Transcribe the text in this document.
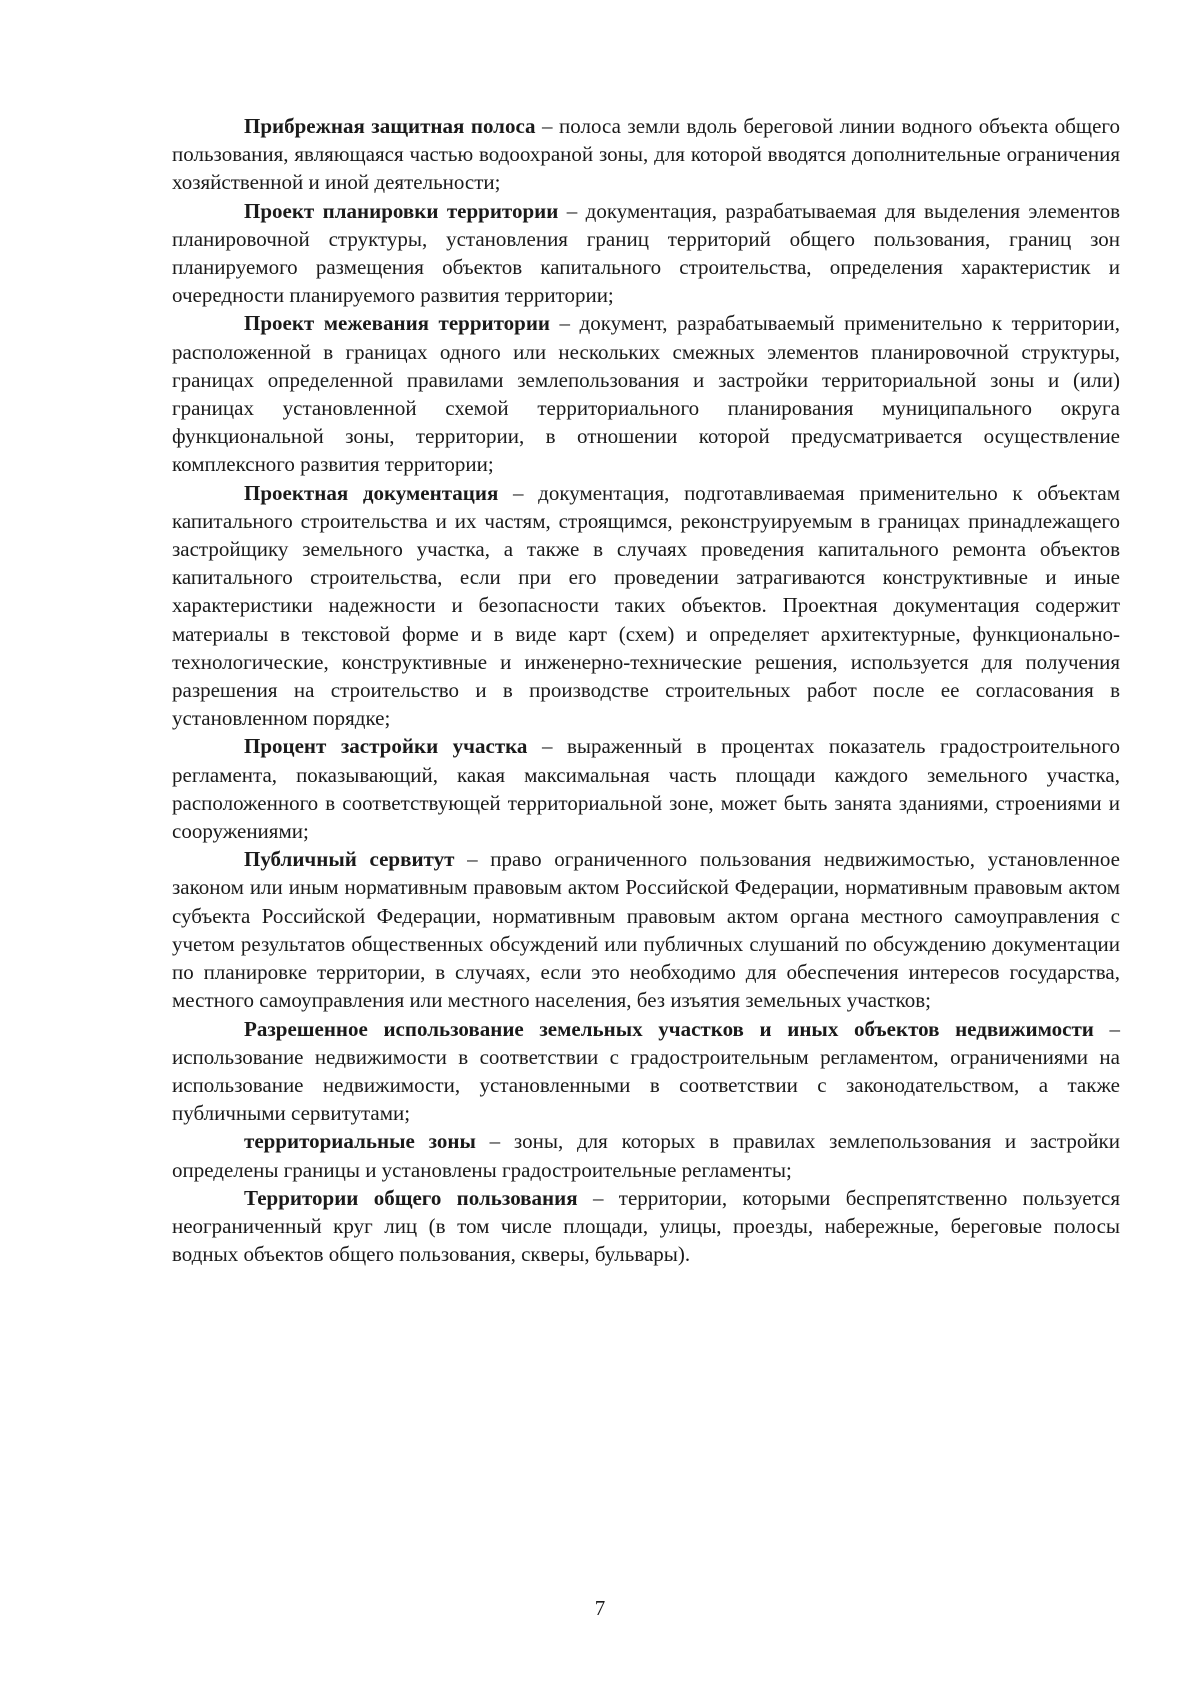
Прибрежная защитная полоса – полоса земли вдоль береговой линии водного объекта общего пользования, являющаяся частью водоохраной зоны, для которой вводятся дополнительные ограничения хозяйственной и иной деятельности;

Проект планировки территории – документация, разрабатываемая для выделения элементов планировочной структуры, установления границ территорий общего пользования, границ зон планируемого размещения объектов капитального строительства, определения характеристик и очередности планируемого развития территории;

Проект межевания территории – документ, разрабатываемый применительно к территории, расположенной в границах одного или нескольких смежных элементов планировочной структуры, границах определенной правилами землепользования и застройки территориальной зоны и (или) границах установленной схемой территориального планирования муниципального округа функциональной зоны, территории, в отношении которой предусматривается осуществление комплексного развития территории;

Проектная документация – документация, подготавливаемая применительно к объектам капитального строительства и их частям, строящимся, реконструируемым в границах принадлежащего застройщику земельного участка, а также в случаях проведения капитального ремонта объектов капитального строительства, если при его проведении затрагиваются конструктивные и иные характеристики надежности и безопасности таких объектов. Проектная документация содержит материалы в текстовой форме и в виде карт (схем) и определяет архитектурные, функционально-технологические, конструктивные и инженерно-технические решения, используется для получения разрешения на строительство и в производстве строительных работ после ее согласования в установленном порядке;

Процент застройки участка – выраженный в процентах показатель градостроительного регламента, показывающий, какая максимальная часть площади каждого земельного участка, расположенного в соответствующей территориальной зоне, может быть занята зданиями, строениями и сооружениями;

Публичный сервитут – право ограниченного пользования недвижимостью, установленное законом или иным нормативным правовым актом Российской Федерации, нормативным правовым актом субъекта Российской Федерации, нормативным правовым актом органа местного самоуправления с учетом результатов общественных обсуждений или публичных слушаний по обсуждению документации по планировке территории, в случаях, если это необходимо для обеспечения интересов государства, местного самоуправления или местного населения, без изъятия земельных участков;

Разрешенное использование земельных участков и иных объектов недвижимости – использование недвижимости в соответствии с градостроительным регламентом, ограничениями на использование недвижимости, установленными в соответствии с законодательством, а также публичными сервитутами;

территориальные зоны – зоны, для которых в правилах землепользования и застройки определены границы и установлены градостроительные регламенты;

Территории общего пользования – территории, которыми беспрепятственно пользуется неограниченный круг лиц (в том числе площади, улицы, проезды, набережные, береговые полосы водных объектов общего пользования, скверы, бульвары).

7
